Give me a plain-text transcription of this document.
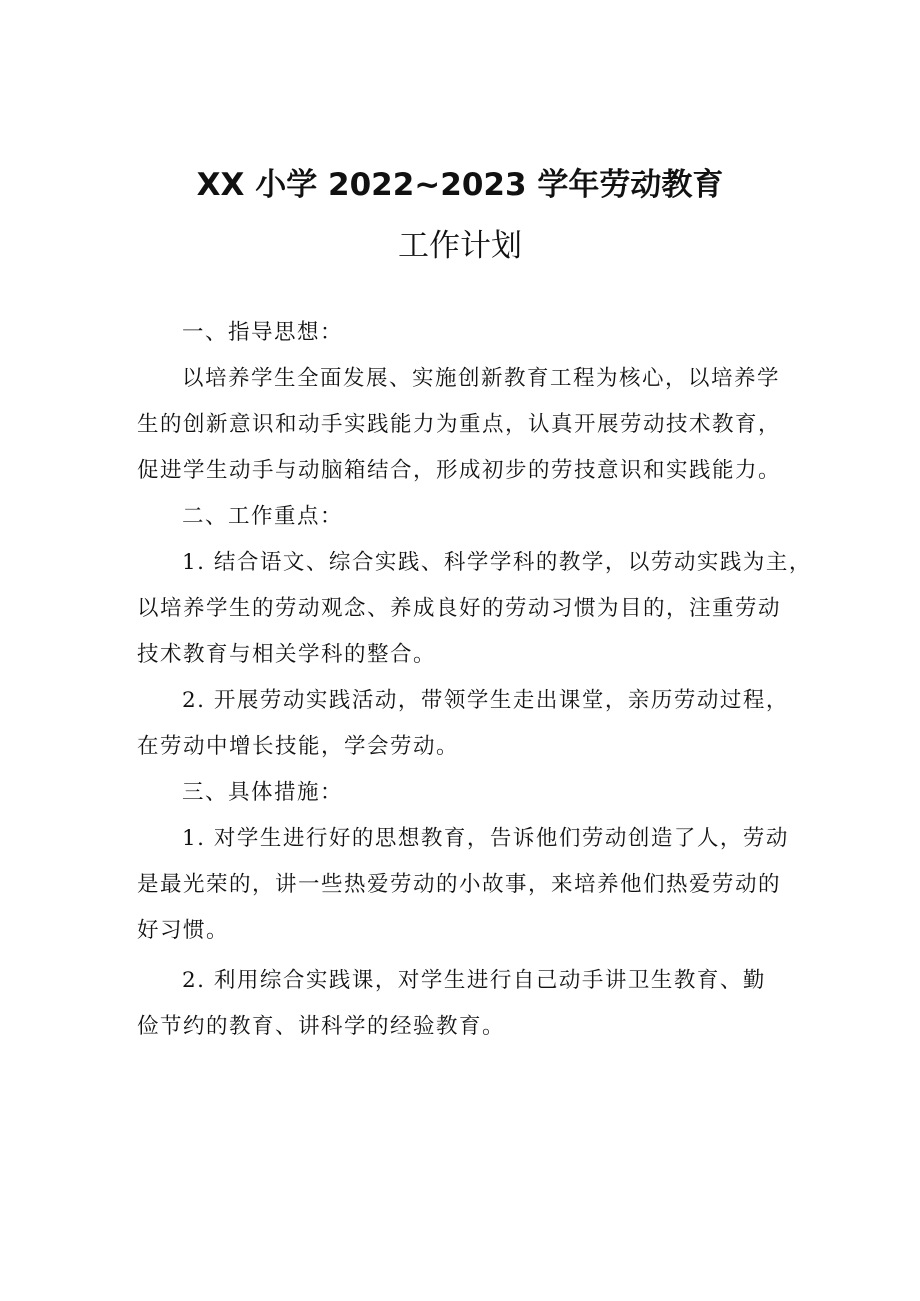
XX 小学 2022~2023 学年劳动教育
工作计划
一、指导思想：
以培养学生全面发展、实施创新教育工程为核心，以培养学
生的创新意识和动手实践能力为重点，认真开展劳动技术教育，
促进学生动手与动脑箱结合，形成初步的劳技意识和实践能力。
二、工作重点：
1. 结合语文、综合实践、科学学科的教学，以劳动实践为主，
以培养学生的劳动观念、养成良好的劳动习惯为目的，注重劳动
技术教育与相关学科的整合。
2. 开展劳动实践活动，带领学生走出课堂，亲历劳动过程，
在劳动中增长技能，学会劳动。
三、具体措施：
1. 对学生进行好的思想教育，告诉他们劳动创造了人，劳动
是最光荣的，讲一些热爱劳动的小故事，来培养他们热爱劳动的
好习惯。
2. 利用综合实践课，对学生进行自己动手讲卫生教育、勤
俭节约的教育、讲科学的经验教育。
